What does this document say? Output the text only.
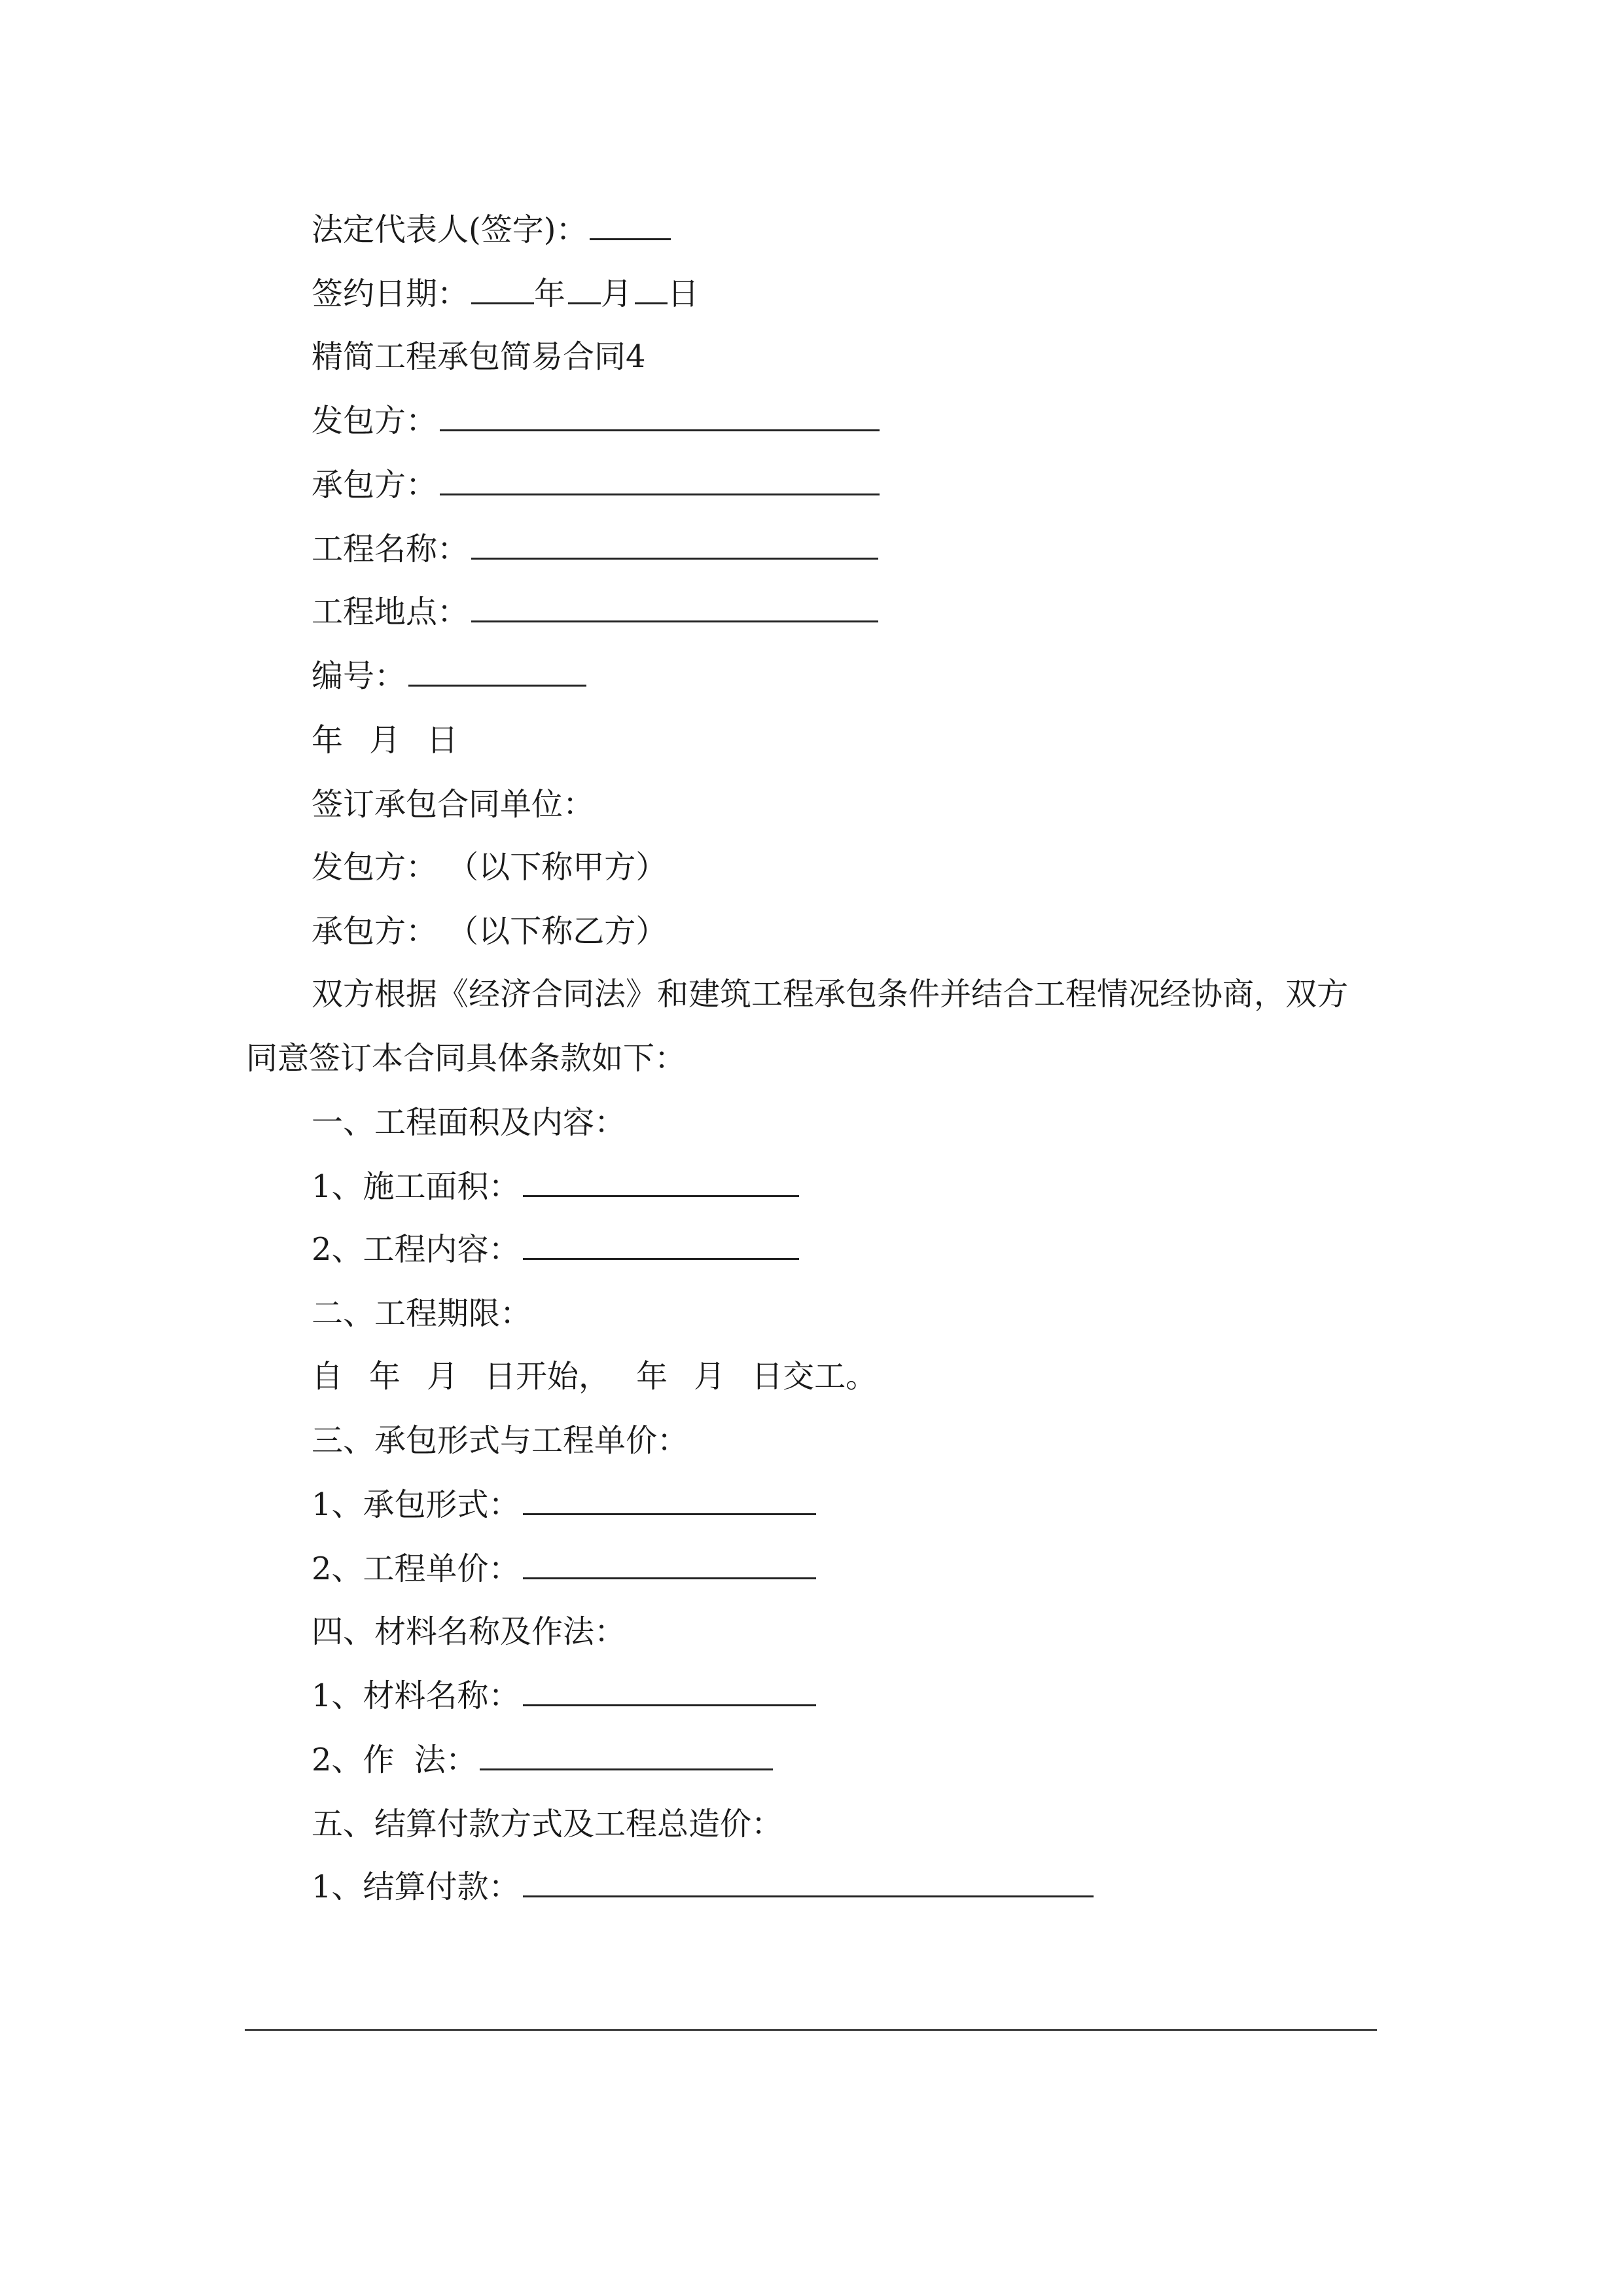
法定代表人(签字)：
签约日期： 年 月 日
精简工程承包简易合同4
发包方：
承包方：
工程名称：
工程地点：
编号：
年 月 日
签订承包合同单位：
发包方： （以下称甲方）
承包方： （以下称乙方）
双方根据《经济合同法》和建筑工程承包条件并结合工程情况经协商，双方
同意签订本合同具体条款如下：
一、工程面积及内容：
1、施工面积：
2、工程内容：
二、工程期限：
自 年 月 日开始， 年 月 日交工。
三、承包形式与工程单价：
1、承包形式：
2、工程单价：
四、材料名称及作法：
1、材料名称：
2、作  法：
五、结算付款方式及工程总造价：
1、结算付款：
